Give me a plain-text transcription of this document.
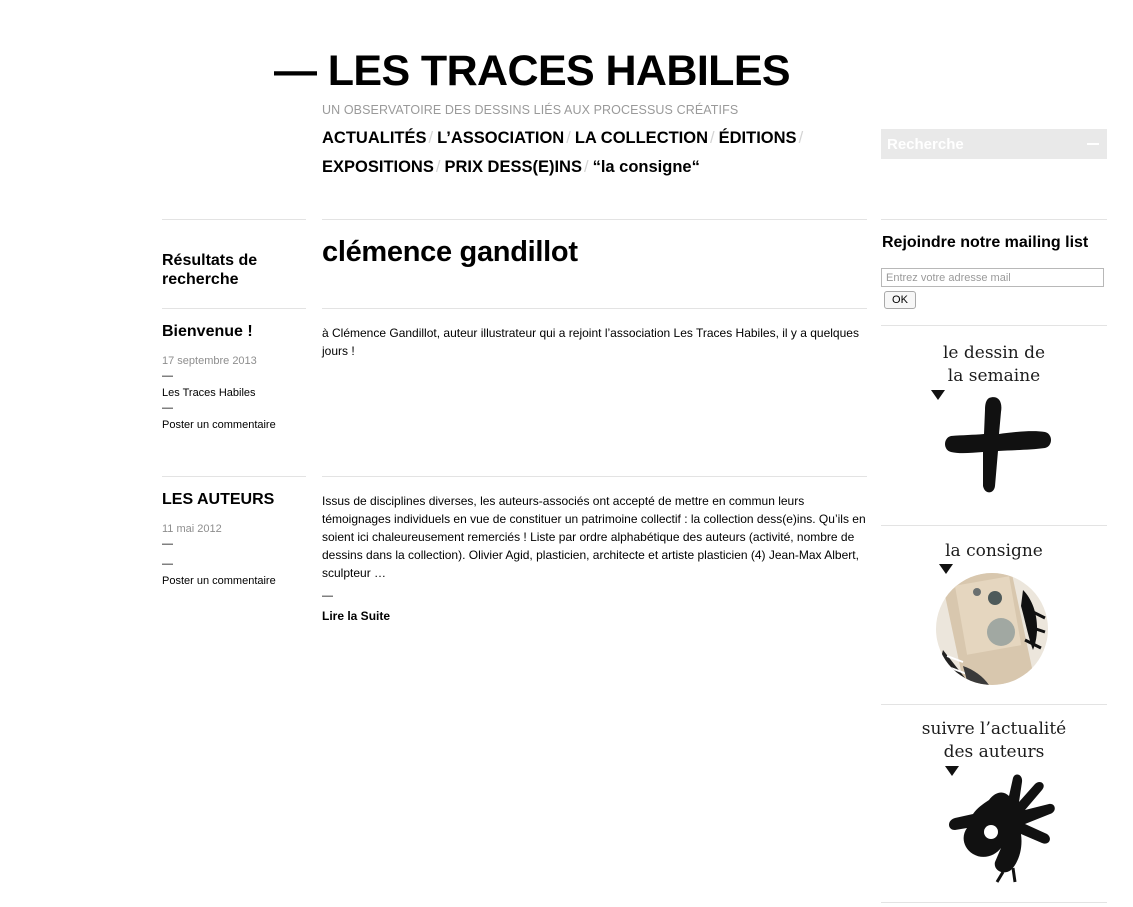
— LES TRACES HABILES
UN OBSERVATOIRE DES DESSINS LIÉS AUX PROCESSUS CRÉATIFS
ACTUALITÉS / L’ASSOCIATION / LA COLLECTION / ÉDITIONS /
EXPOSITIONS / PRIX DESS(E)INS / “la consigne“
Recherche
Résultats de recherche
clémence gandillot
Bienvenue !
17 septembre 2013
—
Les Traces Habiles
—
Poster un commentaire
à Clémence Gandillot, auteur illustrateur qui a rejoint l’association Les Traces Habiles, il y a quelques jours !
LES AUTEURS
11 mai 2012
—
—
Poster un commentaire
Issus de disciplines diverses, les auteurs-associés ont accepté de mettre en commun leurs témoignages individuels en vue de constituer un patrimoine collectif : la collection dess(e)ins. Qu’ils en soient ici chaleureusement remerciés ! Liste par ordre alphabétique des auteurs (activité, nombre de dessins dans la collection). Olivier Agid, plasticien, architecte et artiste plasticien (4) Jean-Max Albert, sculpteur …
—
Lire la Suite
Rejoindre notre mailing list
Entrez votre adresse mail
OK
le dessin de
la semaine
la consigne
suivre l’actualité
des auteurs
